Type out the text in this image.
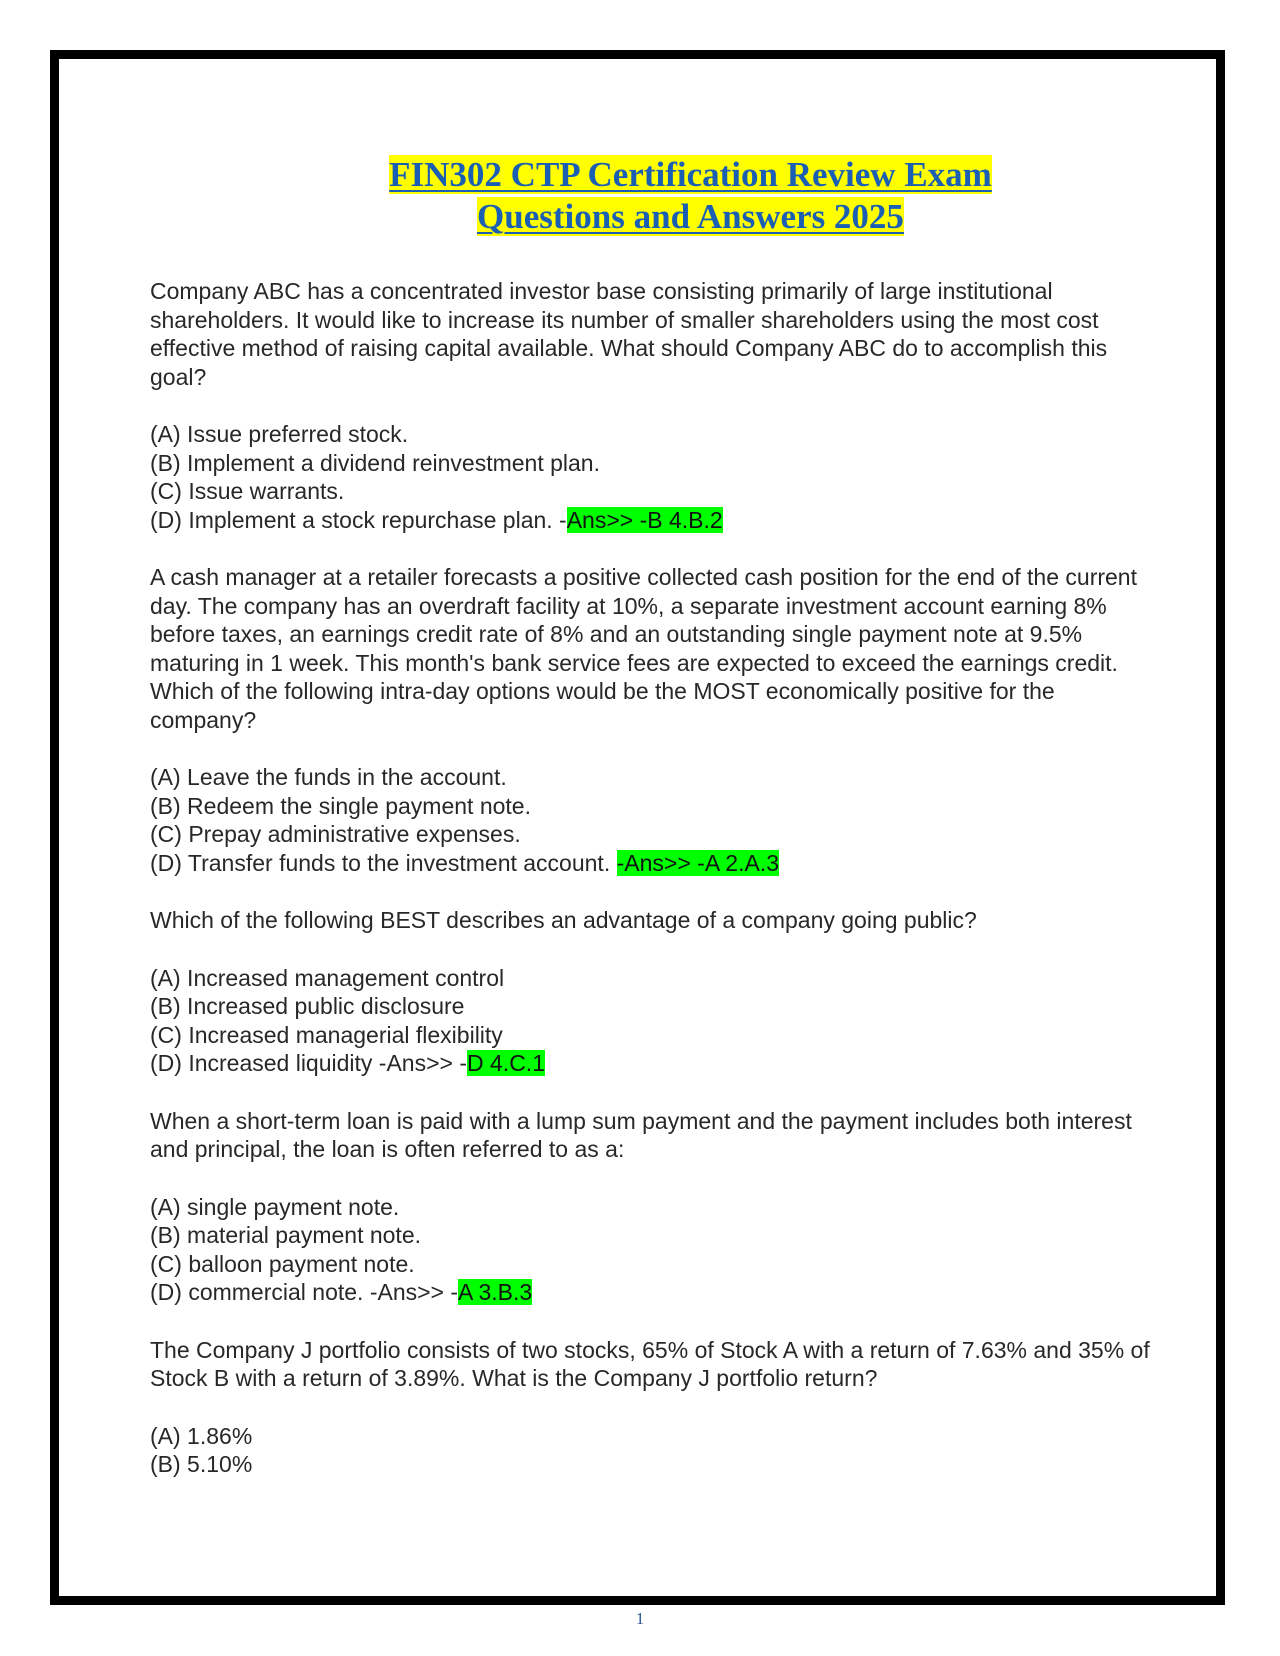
FIN302 CTP Certification Review Exam
Questions and Answers 2025

Company ABC has a concentrated investor base consisting primarily of large institutional shareholders. It would like to increase its number of smaller shareholders using the most cost effective method of raising capital available. What should Company ABC do to accomplish this goal?

(A) Issue preferred stock.

(B) Implement a dividend reinvestment plan.

(C) Issue warrants.

(D) Implement a stock repurchase plan. -Ans>> -B 4.B.2

A cash manager at a retailer forecasts a positive collected cash position for the end of the current day. The company has an overdraft facility at 10%, a separate investment account earning 8% before taxes, an earnings credit rate of 8% and an outstanding single payment note at 9.5% maturing in 1 week. This month's bank service fees are expected to exceed the earnings credit. Which of the following intra-day options would be the MOST economically positive for the company?

(A) Leave the funds in the account.

(B) Redeem the single payment note.

(C) Prepay administrative expenses.

(D) Transfer funds to the investment account. -Ans>> -A 2.A.3

Which of the following BEST describes an advantage of a company going public?

(A) Increased management control

(B) Increased public disclosure

(C) Increased managerial flexibility

(D) Increased liquidity -Ans>> -D 4.C.1

When a short-term loan is paid with a lump sum payment and the payment includes both interest and principal, the loan is often referred to as a:

(A) single payment note.

(B) material payment note.

(C) balloon payment note.

(D) commercial note. -Ans>> -A 3.B.3

The Company J portfolio consists of two stocks, 65% of Stock A with a return of 7.63% and 35% of Stock B with a return of 3.89%. What is the Company J portfolio return?

(A) 1.86%

(B) 5.10%

1
